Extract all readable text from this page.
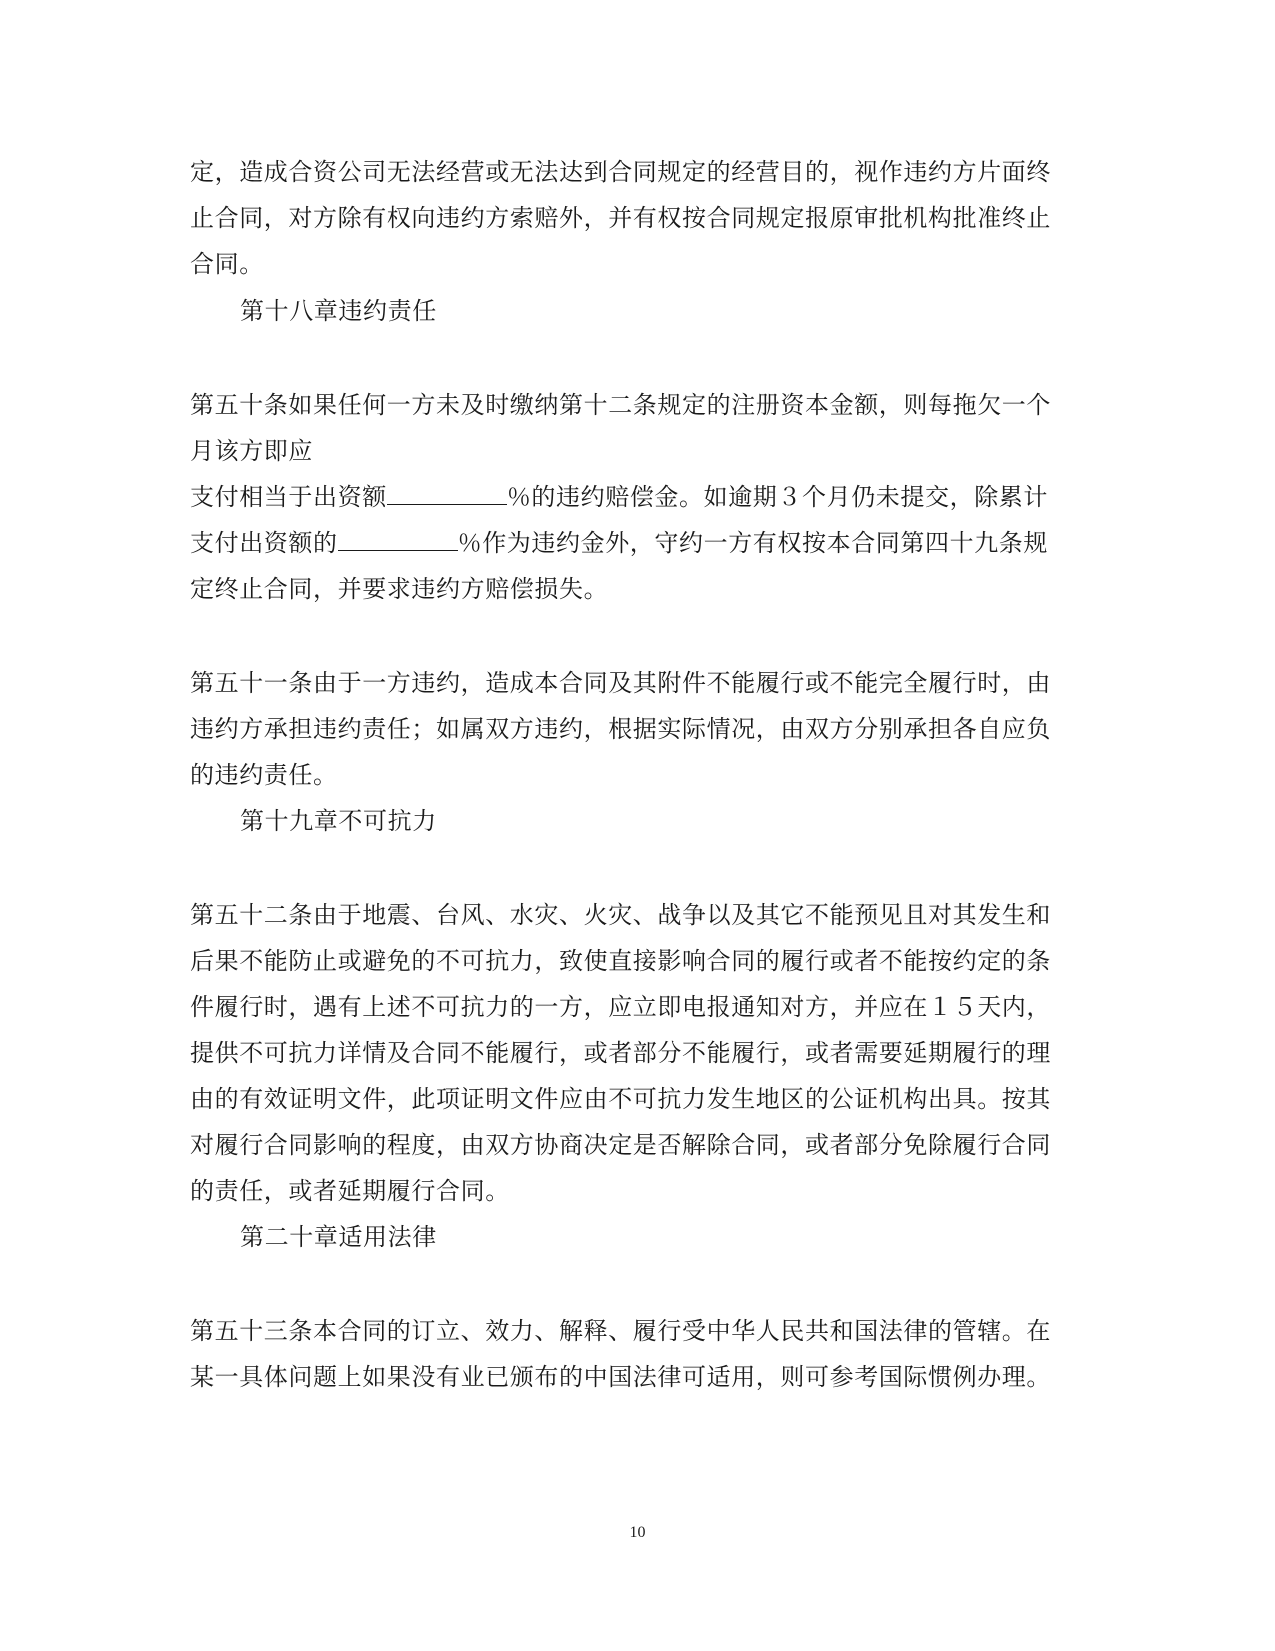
定，造成合资公司无法经营或无法达到合同规定的经营目的，视作违约方片面终
止合同，对方除有权向违约方索赔外，并有权按合同规定报原审批机构批准终止
合同。
第十八章违约责任
第五十条如果任何一方未及时缴纳第十二条规定的注册资本金额，则每拖欠一个
月该方即应
支付相当于出资额	％的违约赔偿金。如逾期３个月仍未提交，除累计
支付出资额的	％作为违约金外，守约一方有权按本合同第四十九条规
定终止合同，并要求违约方赔偿损失。
第五十一条由于一方违约，造成本合同及其附件不能履行或不能完全履行时，由
违约方承担违约责任；如属双方违约，根据实际情况，由双方分别承担各自应负
的违约责任。
第十九章不可抗力
第五十二条由于地震、台风、水灾、火灾、战争以及其它不能预见且对其发生和
后果不能防止或避免的不可抗力，致使直接影响合同的履行或者不能按约定的条
件履行时，遇有上述不可抗力的一方，应立即电报通知对方，并应在１５天内，
提供不可抗力详情及合同不能履行，或者部分不能履行，或者需要延期履行的理
由的有效证明文件，此项证明文件应由不可抗力发生地区的公证机构出具。按其
对履行合同影响的程度，由双方协商决定是否解除合同，或者部分免除履行合同
的责任，或者延期履行合同。
第二十章适用法律
第五十三条本合同的订立、效力、解释、履行受中华人民共和国法律的管辖。在
某一具体问题上如果没有业已颁布的中国法律可适用，则可参考国际惯例办理。
10
